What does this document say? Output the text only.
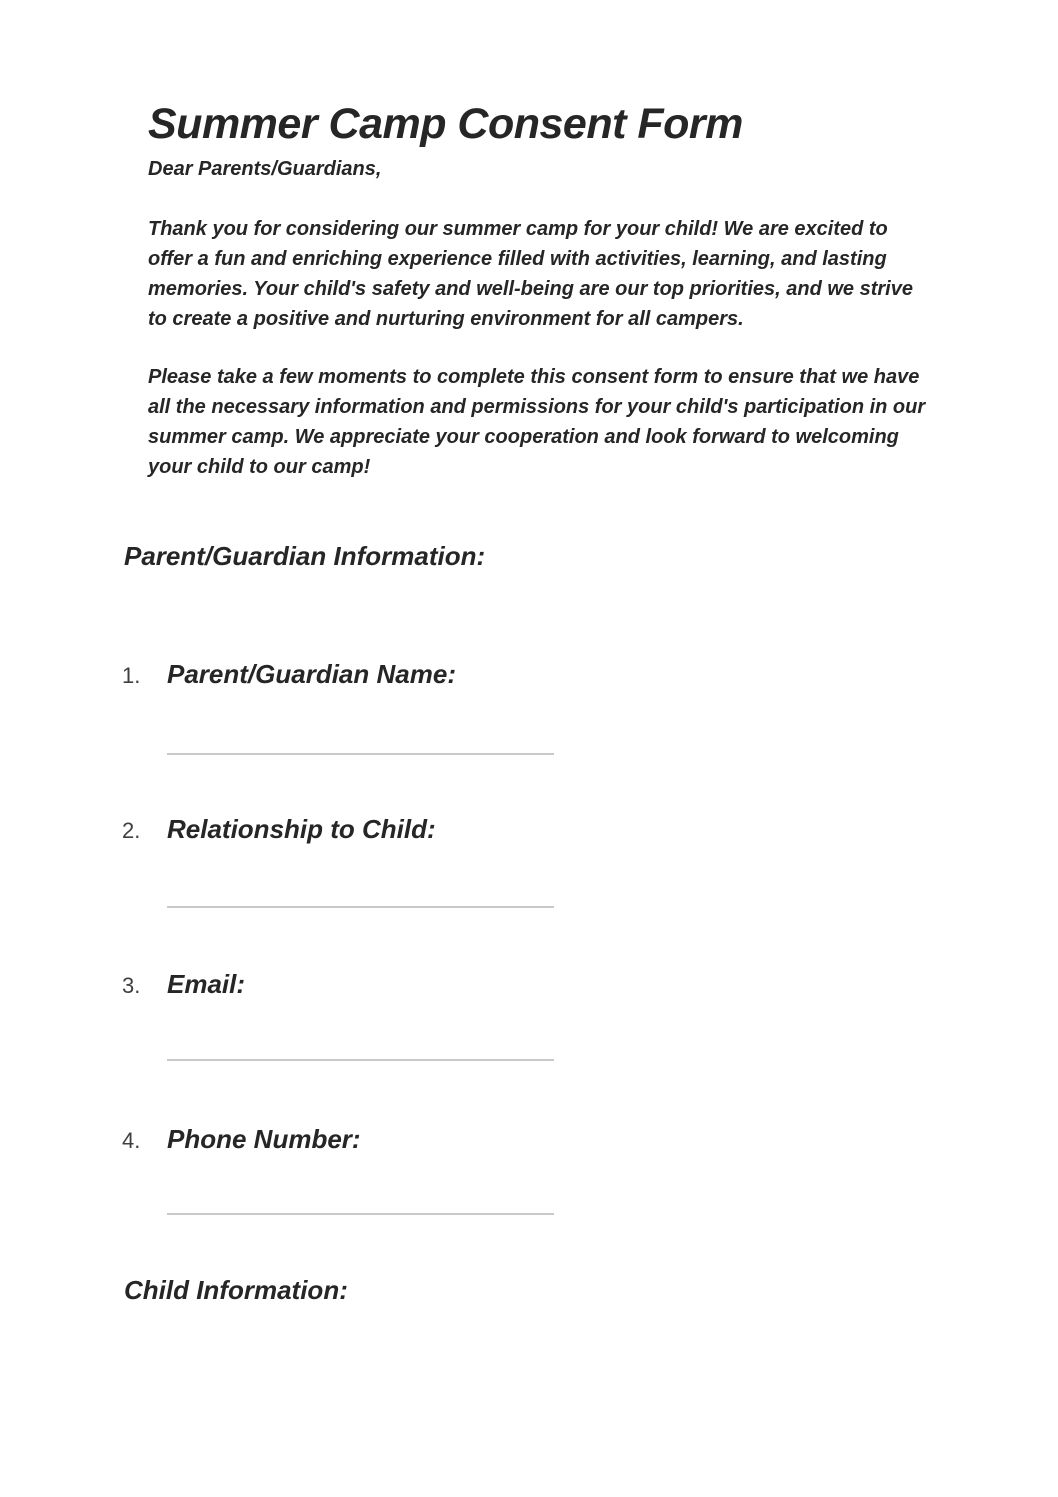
Summer Camp Consent Form
Dear Parents/Guardians,

Thank you for considering our summer camp for your child! We are excited to offer a fun and enriching experience filled with activities, learning, and lasting memories. Your child's safety and well-being are our top priorities, and we strive to create a positive and nurturing environment for all campers.

Please take a few moments to complete this consent form to ensure that we have all the necessary information and permissions for your child's participation in our summer camp. We appreciate your cooperation and look forward to welcoming your child to our camp!

Parent/Guardian Information:
1. Parent/Guardian Name:
2. Relationship to Child:
3. Email:
4. Phone Number:
Child Information:
